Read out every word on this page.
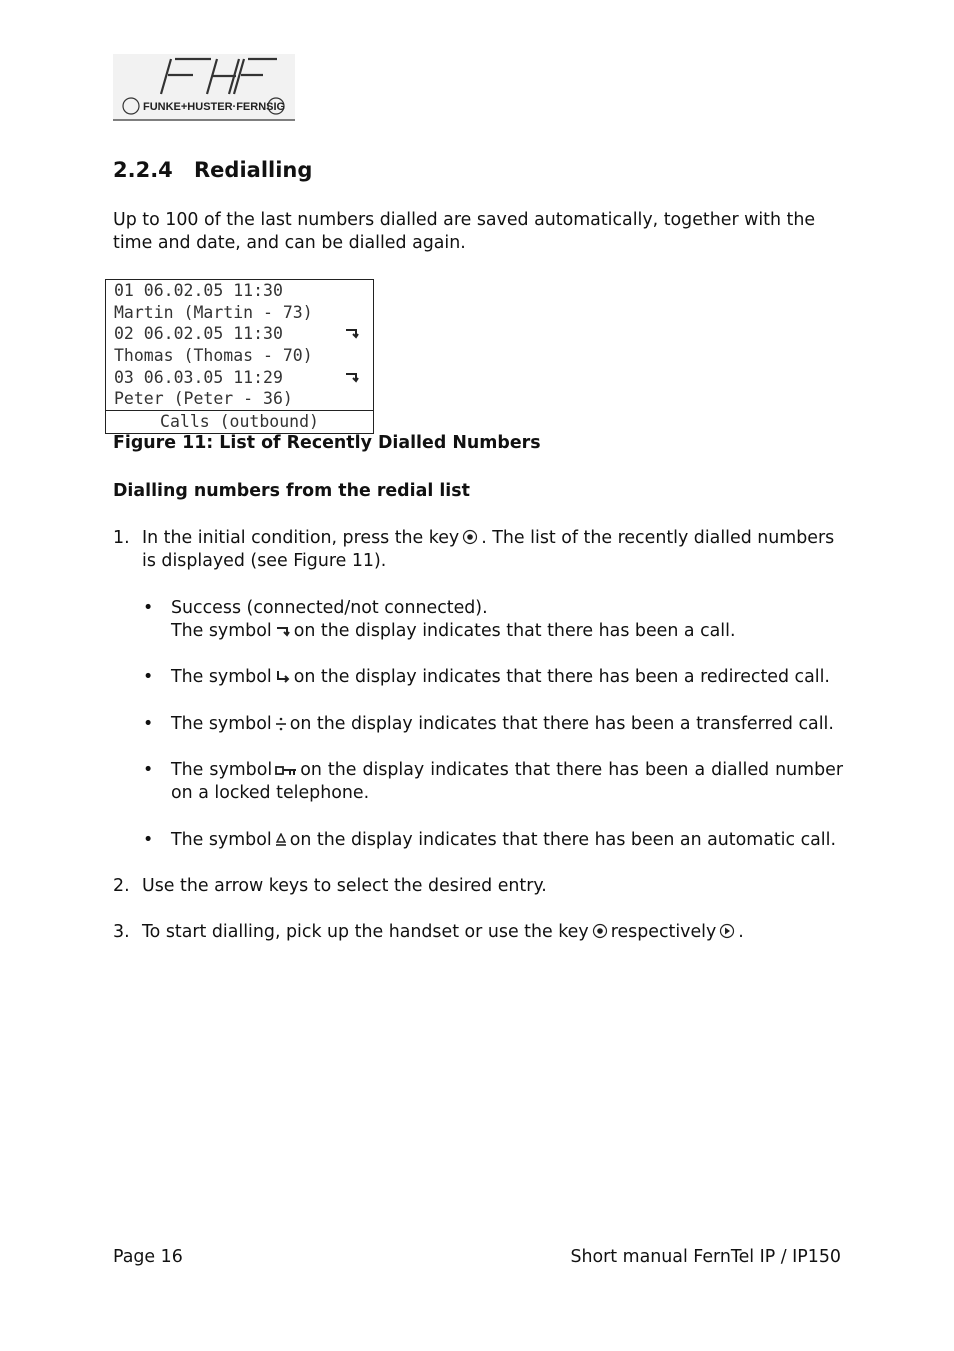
FUNKE+HUSTER·FERNSIG
2.2.4 Redialling
Up to 100 of the last numbers dialled are saved automatically, together with the time and date, and can be dialled again.
01 06.02.05 11:30
Martin (Martin - 73)
02 06.02.05 11:30
Thomas (Thomas - 70)
03 06.03.05 11:29
Peter (Peter - 36)
Calls (outbound)
Figure 11: List of Recently Dialled Numbers
Dialling numbers from the redial list
1. In the initial condition, press the key . The list of the recently dialled numbers is displayed (see Figure 11).
• Success (connected/not connected).
The symbol on the display indicates that there has been a call.
• The symbol on the display indicates that there has been a redirected call.
• The symbol on the display indicates that there has been a transferred call.
• The symbol on the display indicates that there has been a dialled number on a locked telephone.
• The symbol on the display indicates that there has been an automatic call.
2. Use the arrow keys to select the desired entry.
3. To start dialling, pick up the handset or use the key respectively .
Page 16	Short manual FernTel IP / IP150
